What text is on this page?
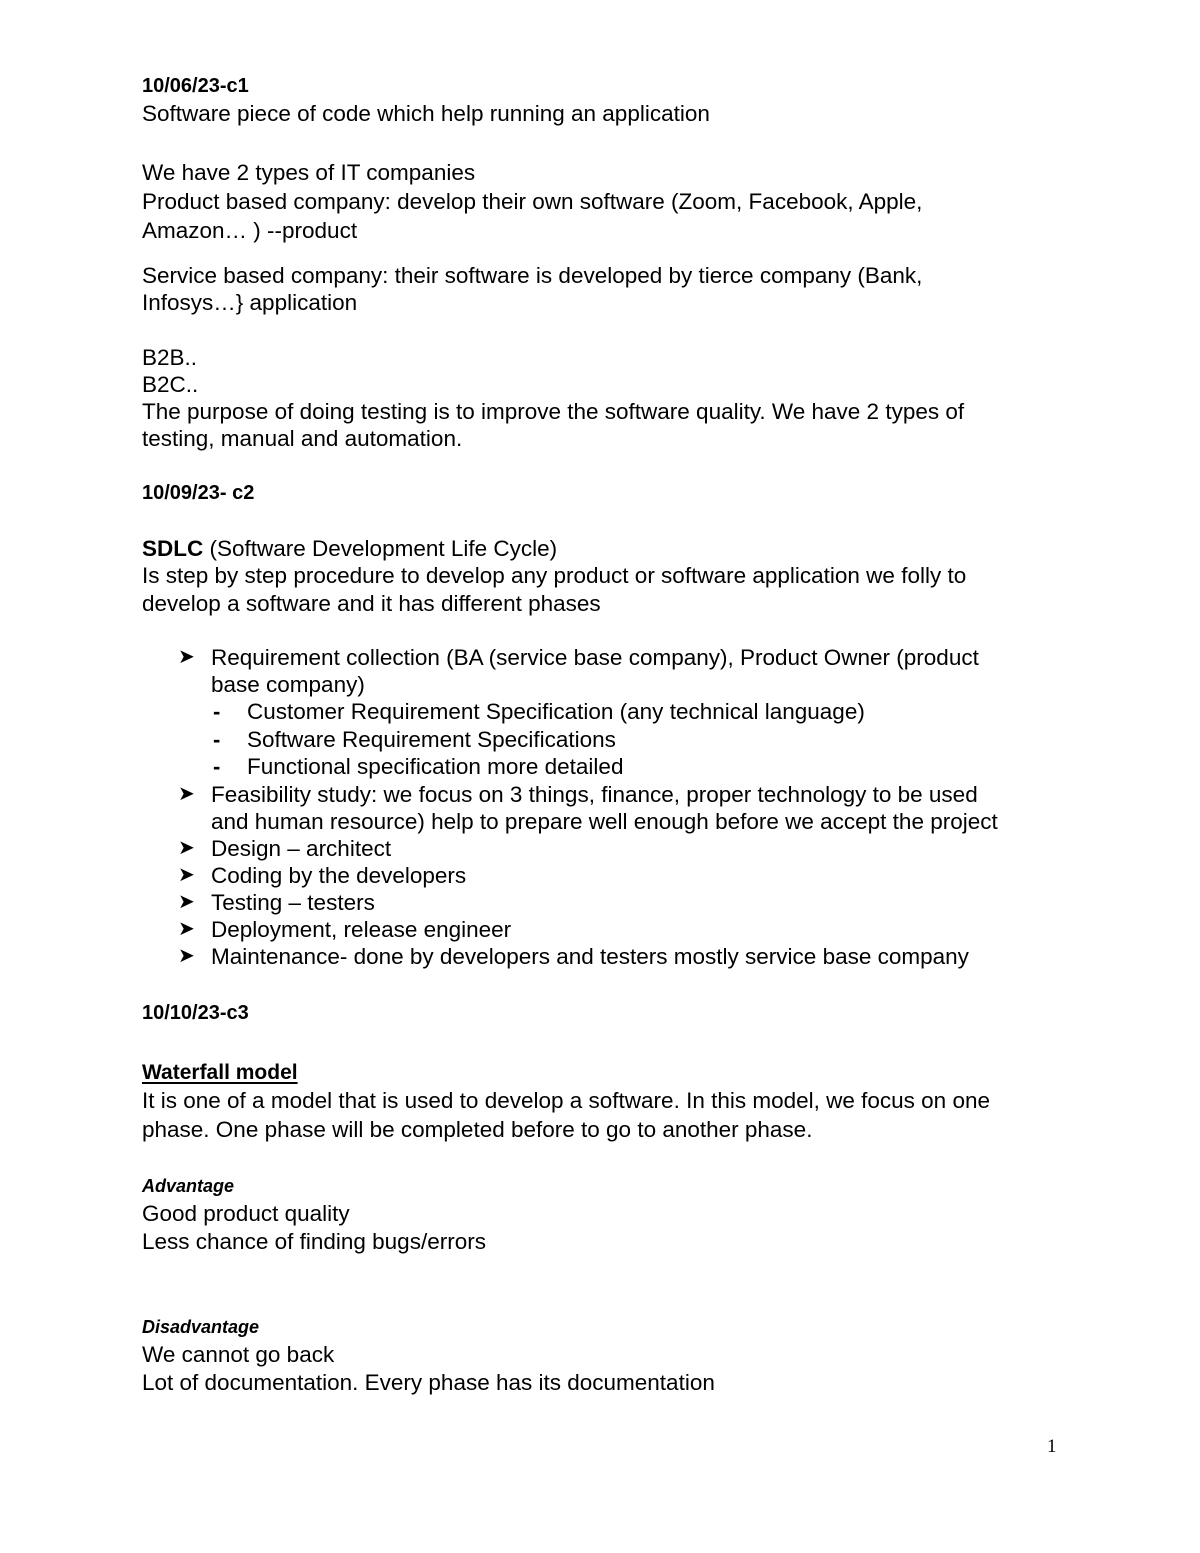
10/06/23-c1
Software piece of code which help running an application
We have 2 types of IT companies
Product based company: develop their own software (Zoom, Facebook, Apple,
Amazon… ) --product
Service based company: their software is developed by tierce company (Bank,
Infosys…} application
B2B..
B2C..
The purpose of doing testing is to improve the software quality. We have 2 types of
testing, manual and automation.
10/09/23- c2
SDLC (Software Development Life Cycle)
Is step by step procedure to develop any product or software application we folly to
develop a software and it has different phases
➤ Requirement collection (BA (service base company), Product Owner (product
base company)
- Customer Requirement Specification (any technical language)
- Software Requirement Specifications
- Functional specification more detailed
➤ Feasibility study: we focus on 3 things, finance, proper technology to be used
and human resource) help to prepare well enough before we accept the project
➤ Design – architect
➤ Coding by the developers
➤ Testing – testers
➤ Deployment, release engineer
➤ Maintenance- done by developers and testers mostly service base company
10/10/23-c3
Waterfall model
It is one of a model that is used to develop a software. In this model, we focus on one
phase. One phase will be completed before to go to another phase.
Advantage
Good product quality
Less chance of finding bugs/errors
Disadvantage
We cannot go back
Lot of documentation. Every phase has its documentation
1
